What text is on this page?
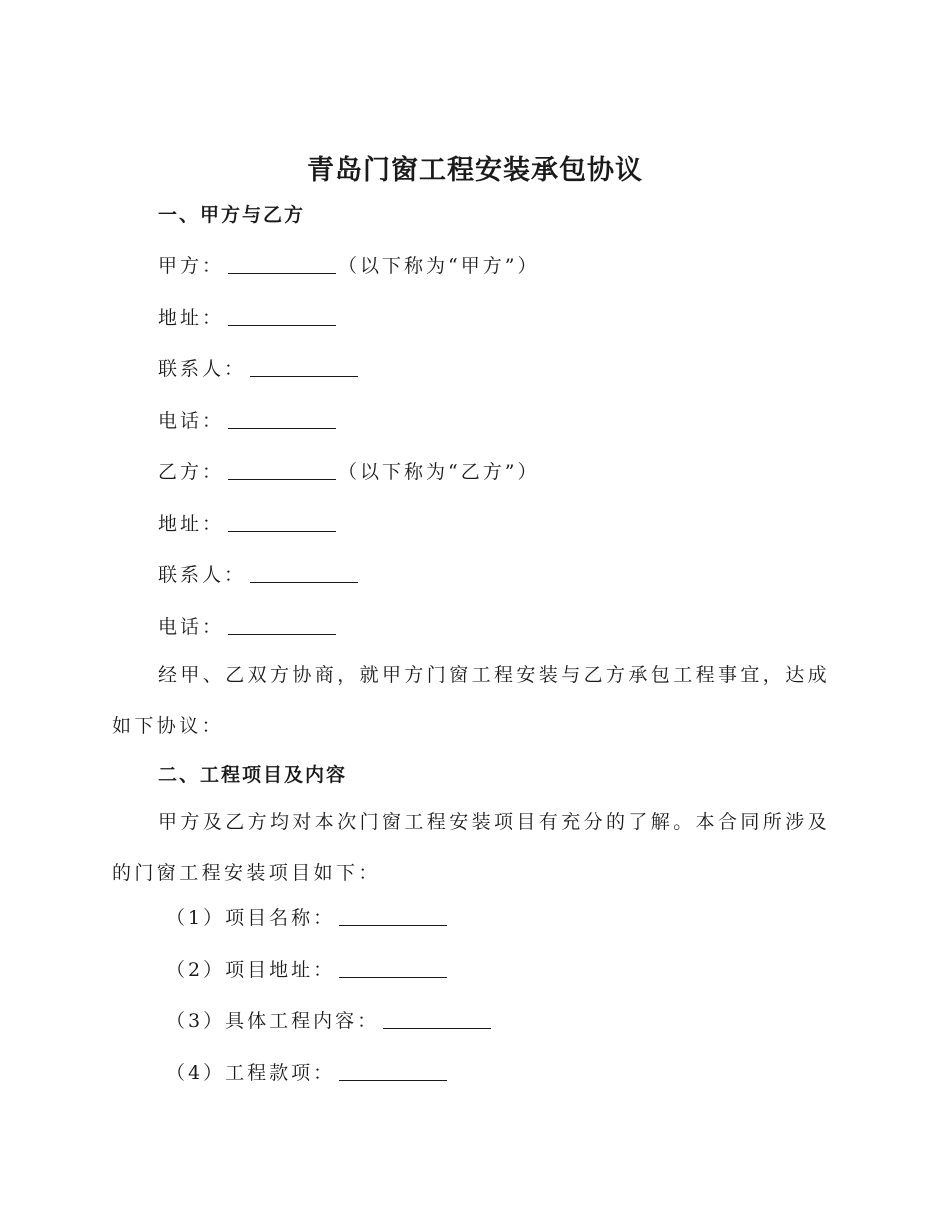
青岛门窗工程安装承包协议
一、甲方与乙方
甲方：	（以下称为“甲方”）
地址：
联系人：
电话：
乙方：	（以下称为“乙方”）
地址：
联系人：
电话：
经甲、乙双方协商，就甲方门窗工程安装与乙方承包工程事宜，达成如下协议：
二、工程项目及内容
甲方及乙方均对本次门窗工程安装项目有充分的了解。本合同所涉及的门窗工程安装项目如下：
（1）项目名称：
（2）项目地址：
（3）具体工程内容：
（4）工程款项：
